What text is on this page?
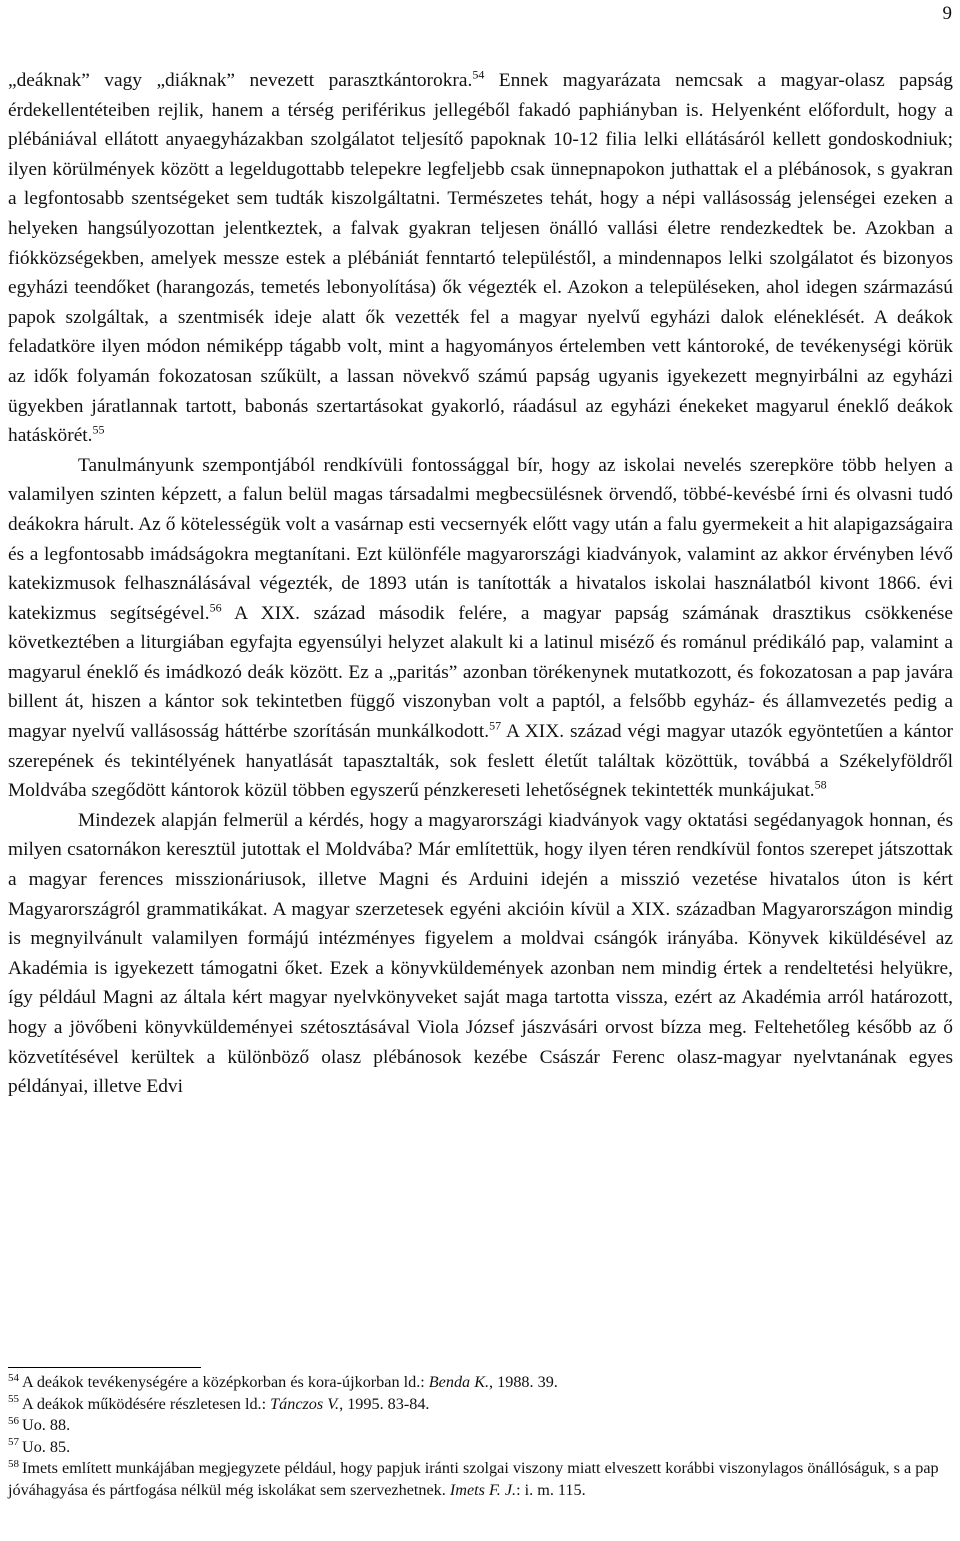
9

„deáknak” vagy „diáknak” nevezett parasztkántorokra.$^{54}$ Ennek magyarázata nemcsak a magyar-olasz papság érdekellentéteiben rejlik, hanem a térség periférikus jellegéből fakadó paphiányban is. Helyenként előfordult, hogy a plébániával ellátott anyaegyházakban szolgálatot teljesítő papoknak 10-12 filia lelki ellátásáról kellett gondoskodniuk; ilyen körülmények között a legeldugottabb telepekre legfeljebb csak ünnepnapokon juthattak el a plébánosok, s gyakran a legfontosabb szentségeket sem tudták kiszolgáltatni. Természetes tehát, hogy a népi vallásosság jelenségei ezeken a helyeken hangsúlyozottan jelentkeztek, a falvak gyakran teljesen önálló vallási életre rendezkedtek be. Azokban a fiókközségekben, amelyek messze estek a plébániát fenntartó településtől, a mindennapos lelki szolgálatot és bizonyos egyházi teendőket (harangozás, temetés lebonyolítása) ők végezték el. Azokon a településeken, ahol idegen származású papok szolgáltak, a szentmisék ideje alatt ők vezették fel a magyar nyelvű egyházi dalok eléneklését. A deákok feladatköre ilyen módon némiképp tágabb volt, mint a hagyományos értelemben vett kántoroké, de tevékenységi körük az idők folyamán fokozatosan szűkült, a lassan növekvő számú papság ugyanis igyekezett megnyirbálni az egyházi ügyekben járatlannak tartott, babonás szertartásokat gyakorló, ráadásul az egyházi énekeket magyarul éneklő deákok hatáskörét.$^{55}$

Tanulmányunk szempontjából rendkívüli fontossággal bír, hogy az iskolai nevelés szerepköre több helyen a valamilyen szinten képzett, a falun belül magas társadalmi megbecsülésnek örvendő, többé-kevésbé írni és olvasni tudó deákokra hárult. Az ő kötelességük volt a vasárnap esti vecsernyék előtt vagy után a falu gyermekeit a hit alapigazságaira és a legfontosabb imádságokra megtanítani. Ezt különféle magyarországi kiadványok, valamint az akkor érvényben lévő katekizmusok felhasználásával végezték, de 1893 után is tanították a hivatalos iskolai használatból kivont 1866. évi katekizmus segítségével.$^{56}$ A XIX. század második felére, a magyar papság számának drasztikus csökkenése következtében a liturgiában egyfajta egyensúlyi helyzet alakult ki a latinul miséző és románul prédikáló pap, valamint a magyarul éneklő és imádkozó deák között. Ez a „paritás” azonban törékenynek mutatkozott, és fokozatosan a pap javára billent át, hiszen a kántor sok tekintetben függő viszonyban volt a paptól, a felsőbb egyház- és államvezetés pedig a magyar nyelvű vallásosság háttérbe szorításán munkálkodott.$^{57}$ A XIX. század végi magyar utazók egyöntetűen a kántor szerepének és tekintélyének hanyatlását tapasztalták, sok feslett életűt találtak közöttük, továbbá a Székelyföldről Moldvába szegődött kántorok közül többen egyszerű pénzkereseti lehetőségnek tekintették munkájukat.$^{58}$

Mindezek alapján felmerül a kérdés, hogy a magyarországi kiadványok vagy oktatási segédanyagok honnan, és milyen csatornákon keresztül jutottak el Moldvába? Már említettük, hogy ilyen téren rendkívül fontos szerepet játszottak a magyar ferences misszionáriusok, illetve Magni és Arduini idején a misszió vezetése hivatalos úton is kért Magyarországról grammatikákat. A magyar szerzetesek egyéni akcióin kívül a XIX. században Magyarországon mindig is megnyilvánult valamilyen formájú intézményes figyelem a moldvai csángók irányába. Könyvek kiküldésével az Akadémia is igyekezett támogatni őket. Ezek a könyvküldemények azonban nem mindig értek a rendeltetési helyükre, így például Magni az általa kért magyar nyelvkönyveket saját maga tartotta vissza, ezért az Akadémia arról határozott, hogy a jövőbeni könyvküldeményei szétosztásával Viola József jászvásári orvost bízza meg. Feltehetőleg később az ő közvetítésével kerültek a különböző olasz plébánosok kezébe Császár Ferenc olasz-magyar nyelvtanának egyes példányai, illetve Edvi

$^{54}$ A deákok tevékenységére a középkorban és kora-újkorban ld.: Benda K., 1988. 39.

$^{55}$ A deákok működésére részletesen ld.: Tánczos V., 1995. 83-84.

$^{56}$ Uo. 88.

$^{57}$ Uo. 85.

$^{58}$ Imets említett munkájában megjegyzete például, hogy papjuk iránti szolgai viszony miatt elveszett korábbi viszonylagos önállóságuk, s a pap jóváhagyása és pártfogása nélkül még iskolákat sem szervezhetnek. Imets F. J.: i. m. 115.
